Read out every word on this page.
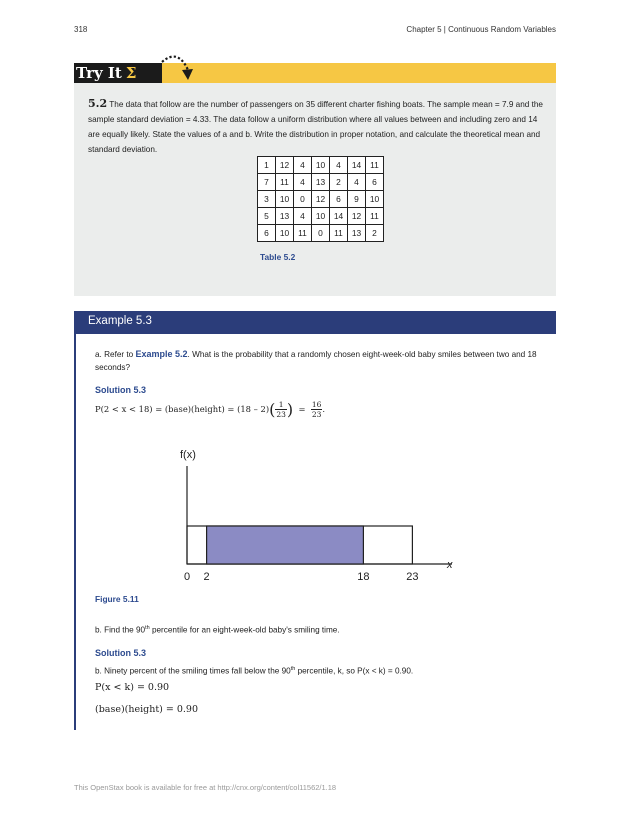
318	Chapter 5 | Continuous Random Variables
Try It Σ
5.2 The data that follow are the number of passengers on 35 different charter fishing boats. The sample mean = 7.9 and the sample standard deviation = 4.33. The data follow a uniform distribution where all values between and including zero and 14 are equally likely. State the values of a and b. Write the distribution in proper notation, and calculate the theoretical mean and standard deviation.
1	12	4	10	4	14	11
7	11	4	13	2	4	6
3	10	0	12	6	9	10
5	13	4	10	14	12	11
6	10	11	0	11	13	2
Table 5.2
Example 5.3
a. Refer to Example 5.2. What is the probability that a randomly chosen eight-week-old baby smiles between two and 18 seconds?
Solution 5.3
P(2 < x < 18) = (base)(height) = $(18 - 2)( \frac{1}{23}$ ) = $\frac{16}{23}$ .
f(x)
0 2	18	23
x
Figure 5.11
b. Find the 90th percentile for an eight-week-old baby's smiling time.
Solution 5.3
b. Ninety percent of the smiling times fall below the 90th percentile, k, so P(x < k) = 0.90.
P(x < k) = 0.90
(base)(height) = 0.90
This OpenStax book is available for free at http://cnx.org/content/col11562/1.18
